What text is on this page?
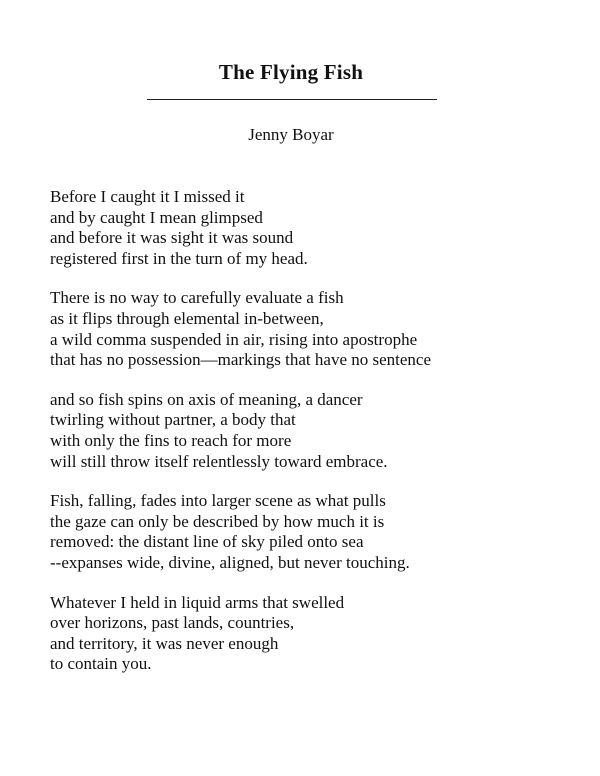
The Flying Fish
Jenny Boyar
Before I caught it I missed it
and by caught I mean glimpsed
and before it was sight it was sound
registered first in the turn of my head.
There is no way to carefully evaluate a fish
as it flips through elemental in-between,
a wild comma suspended in air, rising into apostrophe
that has no possession—markings that have no sentence
and so fish spins on axis of meaning, a dancer
twirling without partner, a body that
with only the fins to reach for more
will still throw itself relentlessly toward embrace.
Fish, falling, fades into larger scene as what pulls
the gaze can only be described by how much it is
removed: the distant line of sky piled onto sea
--expanses wide, divine, aligned, but never touching.
Whatever I held in liquid arms that swelled
over horizons, past lands, countries,
and territory, it was never enough
to contain you.
